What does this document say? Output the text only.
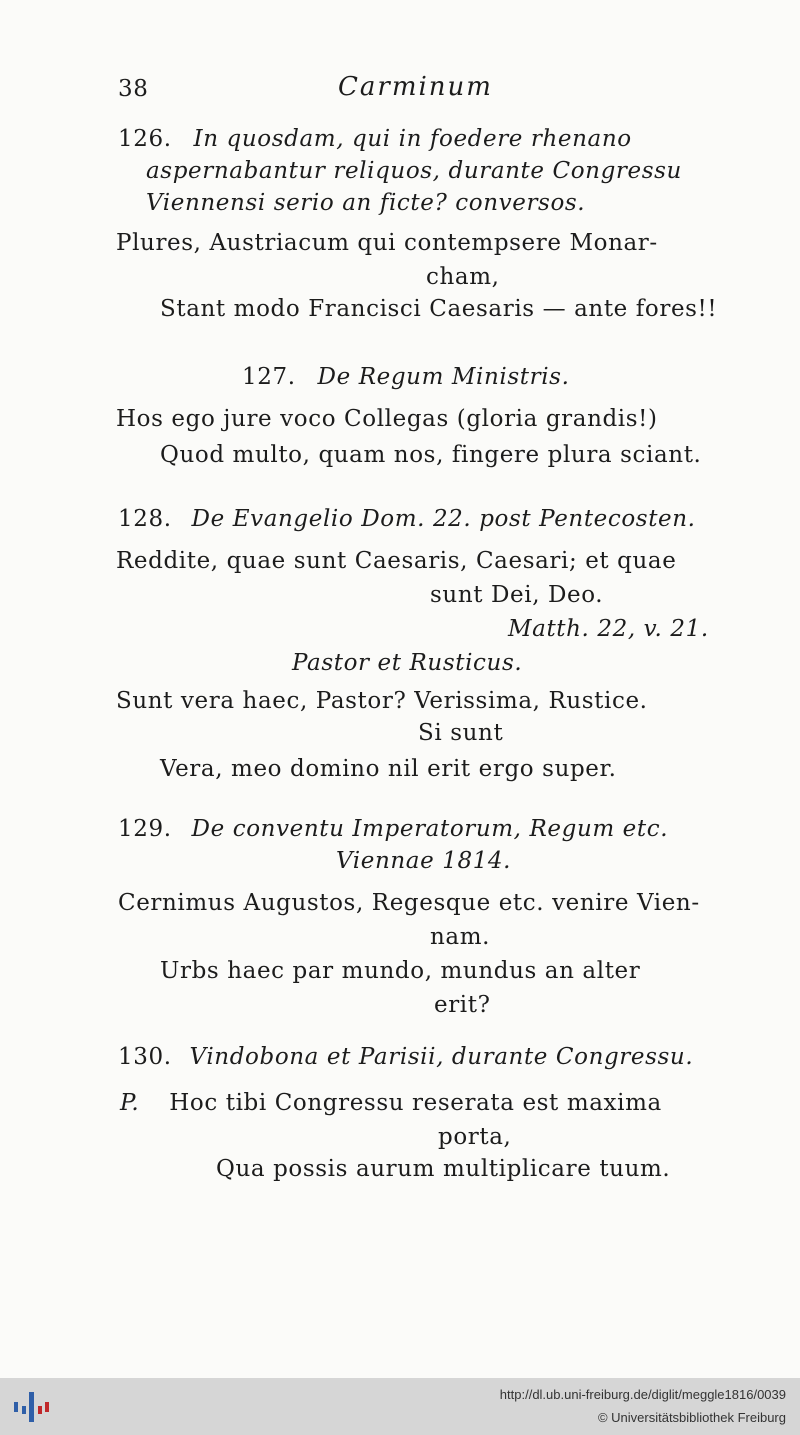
38	Carminum
126. In quosdam, qui in foedere rhenano
aspernabantur reliquos, durante Congressu
Viennensi serio an ficte? conversos.
Plures, Austriacum qui contempsere Monar-
cham,
Stant modo Francisci Caesaris — ante fores!!
127. De Regum Ministris.
Hos ego jure voco Collegas (gloria grandis!)
Quod multo, quam nos, fingere plura sciant.
128. De Evangelio Dom. 22. post Pentecosten.
Reddite, quae sunt Caesaris, Caesari; et quae
sunt Dei, Deo.
Matth. 22, v. 21.
Pastor et Rusticus.
Sunt vera haec, Pastor? Verissima, Rustice.
Si sunt
Vera, meo domino nil erit ergo super.
129. De conventu Imperatorum, Regum etc.
Viennae 1814.
Cernimus Augustos, Regesque etc. venire Vien-
nam.
Urbs haec par mundo, mundus an alter
erit?
130. Vindobona et Parisii, durante Congressu.
P. Hoc tibi Congressu reserata est maxima
porta,
Qua possis aurum multiplicare tuum.
http://dl.ub.uni-freiburg.de/diglit/meggle1816/0039
© Universitätsbibliothek Freiburg
